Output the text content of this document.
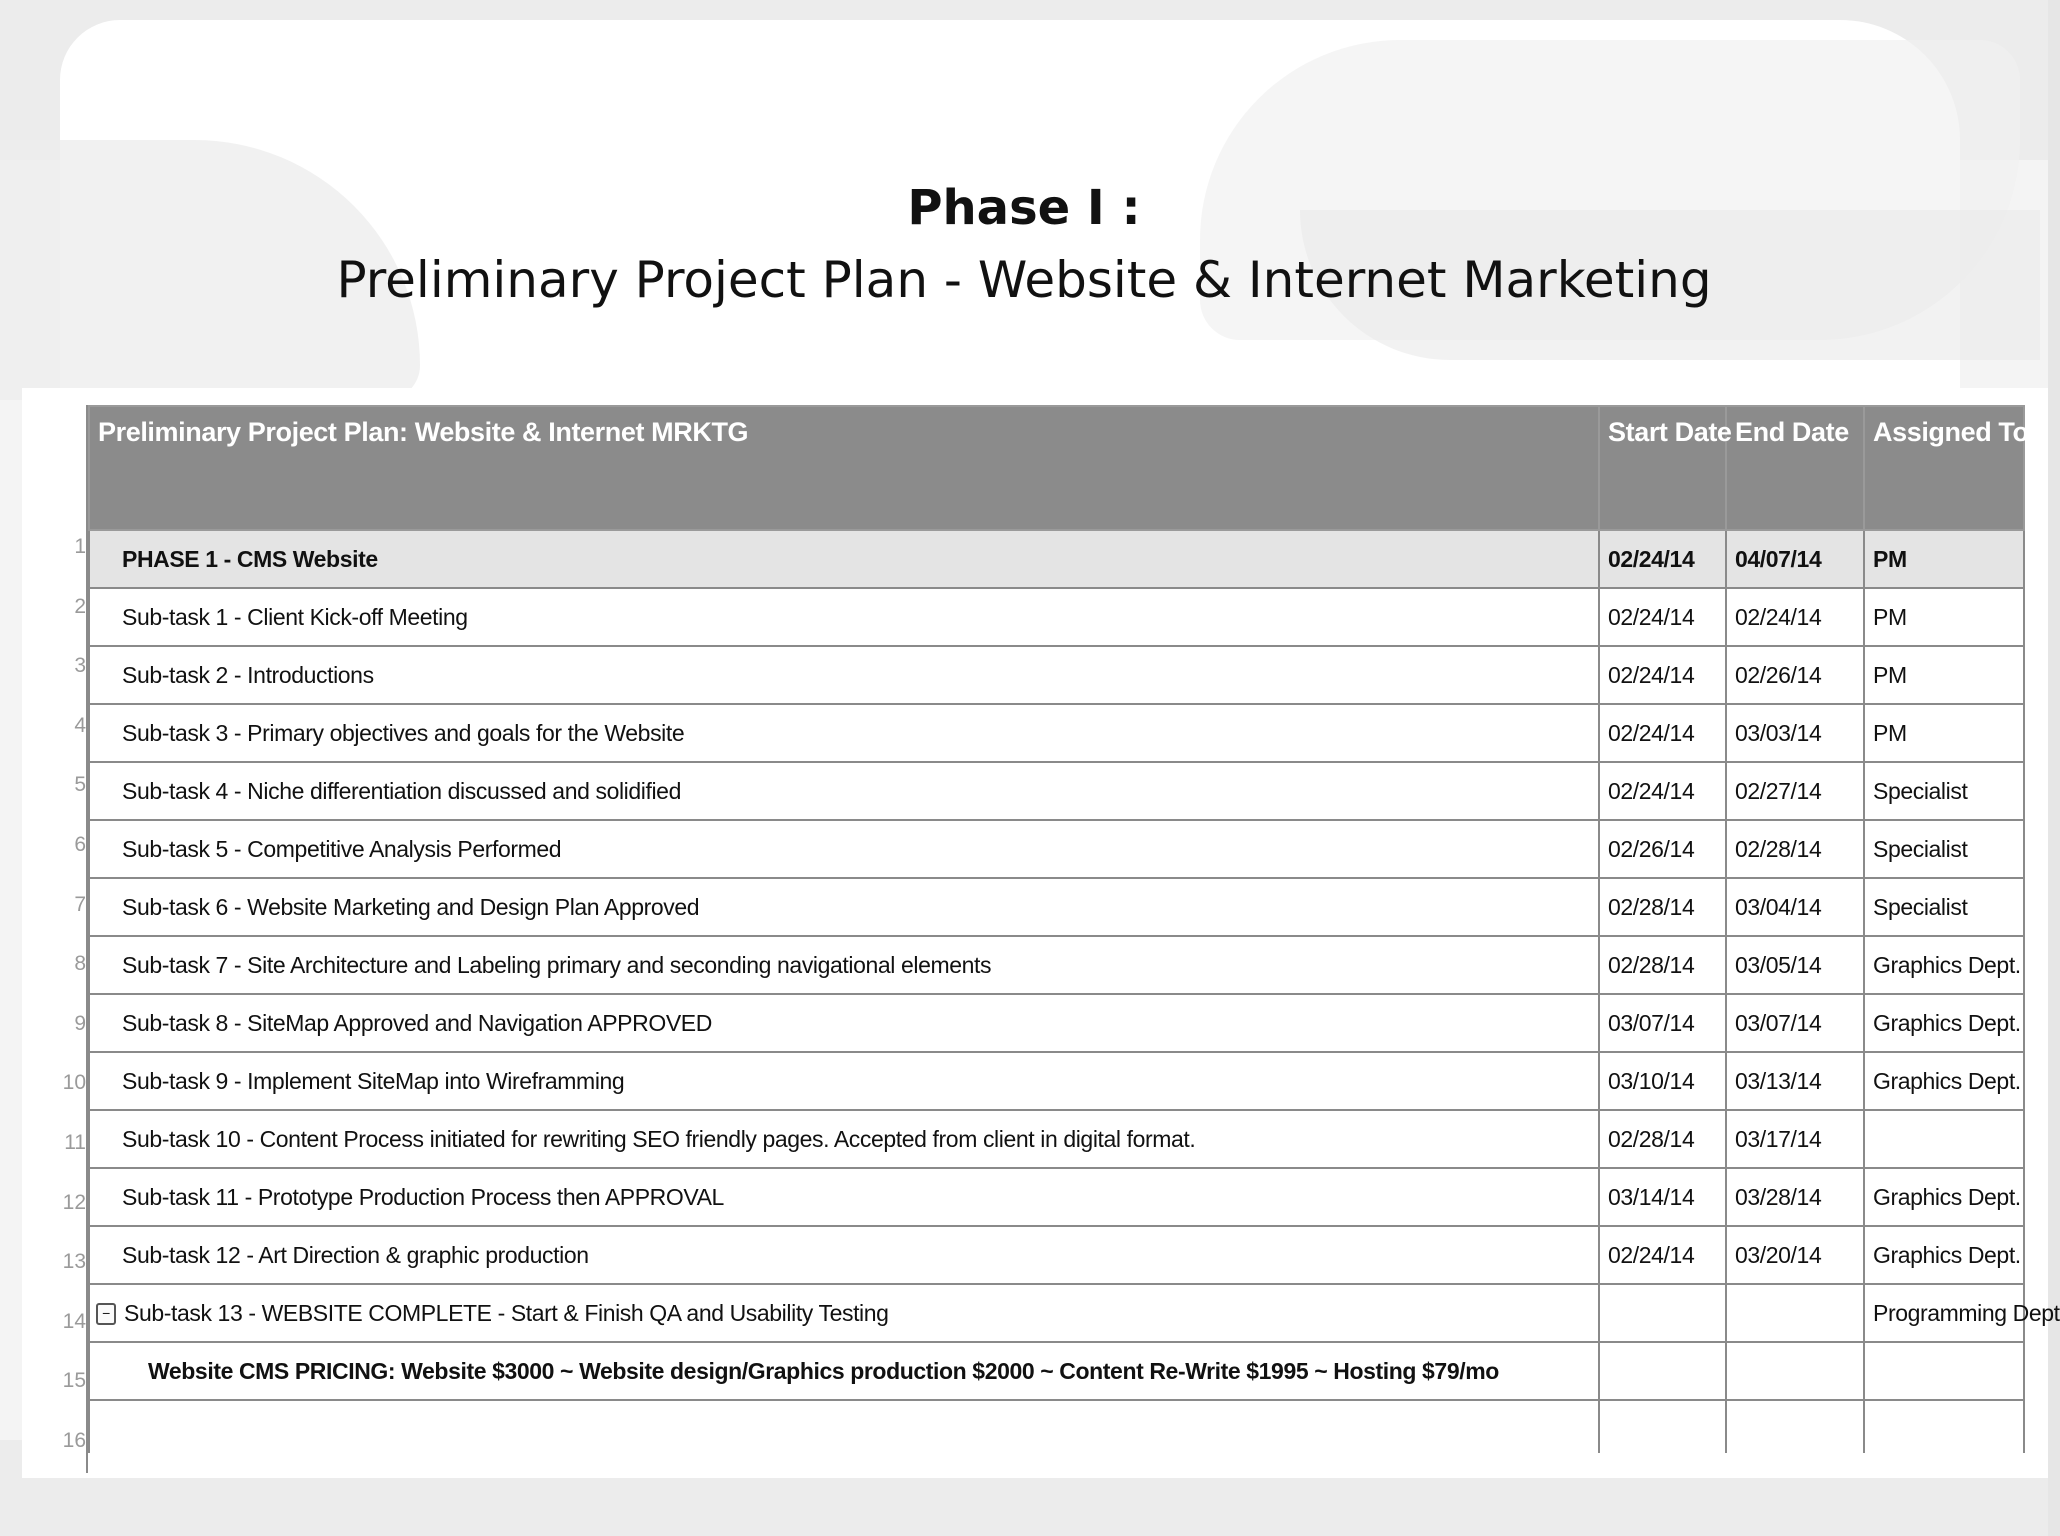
Phase I :
Preliminary Project Plan - Website & Internet Marketing
1
2
3
4
5
6
7
8
9
10
11
12
13
14
15
16
Preliminary Project Plan: Website & Internet MRKTG	Start Date	End Date	Assigned To
PHASE 1 - CMS Website	02/24/14	04/07/14	PM
Sub-task 1 - Client Kick-off Meeting	02/24/14	02/24/14	PM
Sub-task 2 - Introductions	02/24/14	02/26/14	PM
Sub-task 3 - Primary objectives and goals for the Website	02/24/14	03/03/14	PM
Sub-task 4 - Niche differentiation discussed and solidified	02/24/14	02/27/14	Specialist
Sub-task 5 - Competitive Analysis Performed	02/26/14	02/28/14	Specialist
Sub-task 6 - Website Marketing and Design Plan Approved	02/28/14	03/04/14	Specialist
Sub-task 7 - Site Architecture and Labeling primary and seconding navigational elements	02/28/14	03/05/14	Graphics Dept.
Sub-task 8 - SiteMap Approved and Navigation APPROVED	03/07/14	03/07/14	Graphics Dept.
Sub-task 9 - Implement SiteMap into Wireframming	03/10/14	03/13/14	Graphics Dept.
Sub-task 10 - Content Process initiated for rewriting SEO friendly pages. Accepted from client in digital format.	02/28/14	03/17/14	
Sub-task 11 - Prototype Production Process then APPROVAL	03/14/14	03/28/14	Graphics Dept.
Sub-task 12 - Art Direction & graphic production	02/24/14	03/20/14	Graphics Dept.
− Sub-task 13 - WEBSITE COMPLETE - Start & Finish QA and Usability Testing			Programming Dept
Website CMS PRICING: Website $3000 ~ Website design/Graphics production $2000 ~ Content Re-Write $1995 ~ Hosting $79/mo			
